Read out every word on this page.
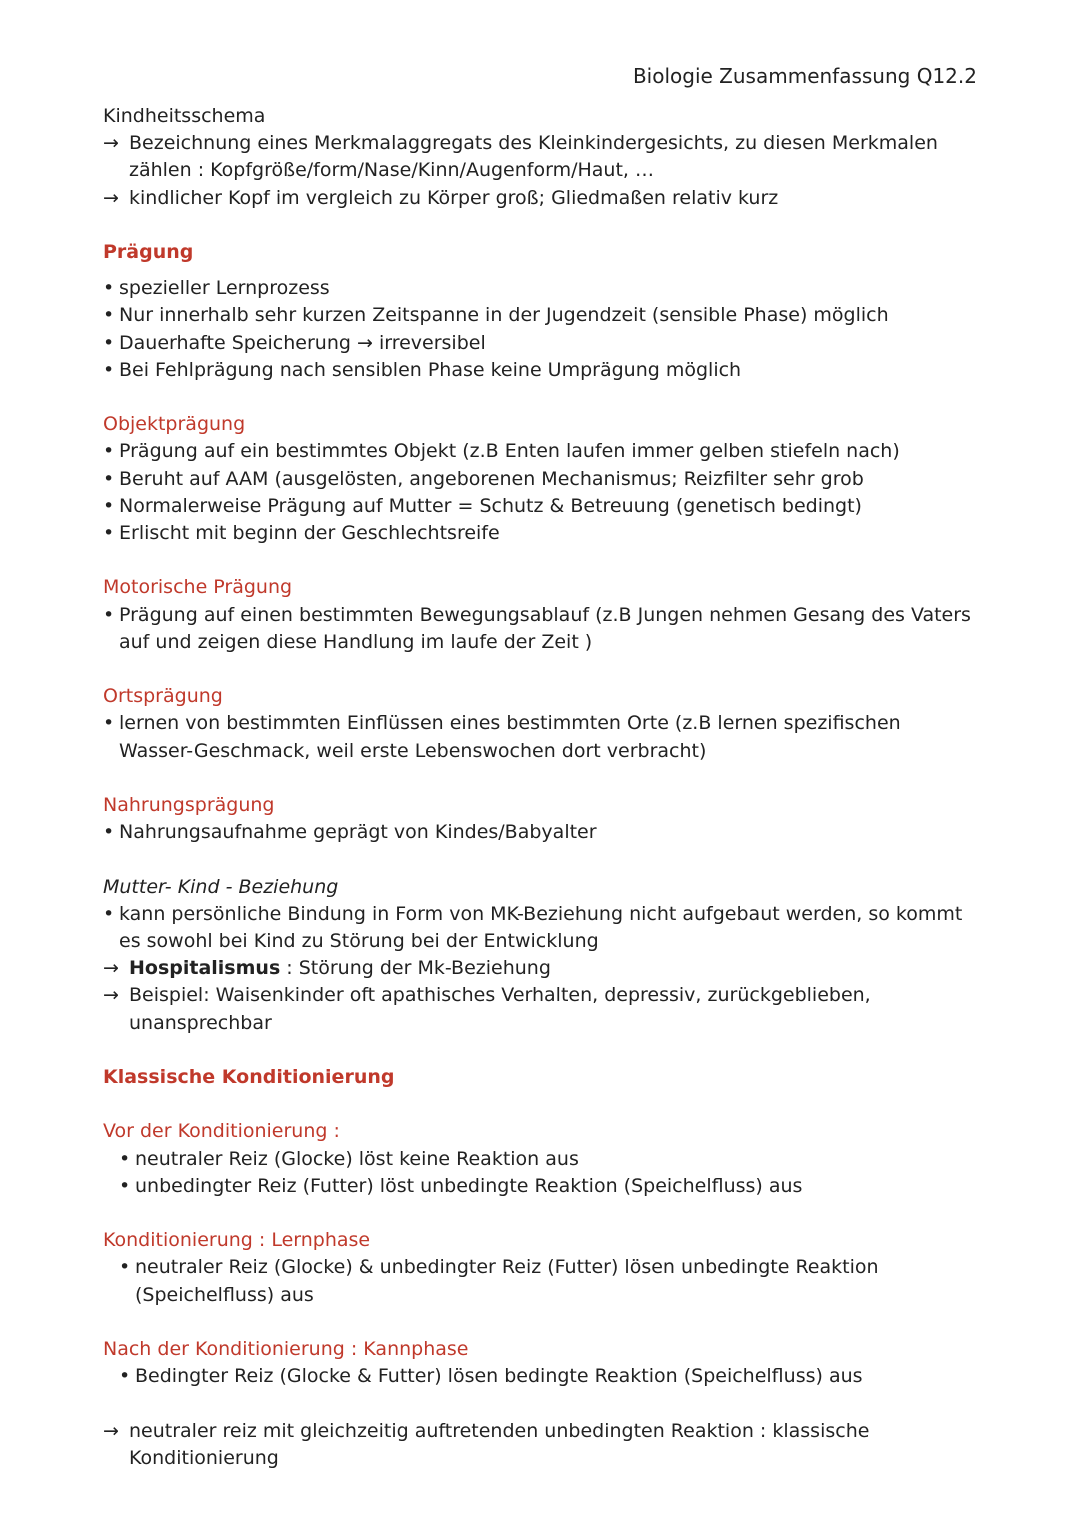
Biologie Zusammenfassung Q12.2
Kindheitsschema
→ Bezeichnung eines Merkmalaggregats des Kleinkindergesichts, zu diesen Merkmalen zählen : Kopfgröße/form/Nase/Kinn/Augenform/Haut, …
→ kindlicher Kopf im vergleich zu Körper groß; Gliedmaßen relativ kurz
Prägung
• spezieller Lernprozess
• Nur innerhalb sehr kurzen Zeitspanne in der Jugendzeit (sensible Phase) möglich
• Dauerhafte Speicherung → irreversibel
• Bei Fehlprägung nach sensiblen Phase keine Umprägung möglich
Objektprägung
• Prägung auf ein bestimmtes Objekt (z.B Enten laufen immer gelben stiefeln nach)
• Beruht auf AAM (ausgelösten, angeborenen Mechanismus; Reizfilter sehr grob
• Normalerweise Prägung auf Mutter = Schutz & Betreuung (genetisch bedingt)
• Erlischt mit beginn der Geschlechtsreife
Motorische Prägung
• Prägung auf einen bestimmten Bewegungsablauf (z.B Jungen nehmen Gesang des Vaters auf und zeigen diese Handlung im laufe der Zeit )
Ortsprägung
• lernen von bestimmten Einflüssen eines bestimmten Orte (z.B lernen spezifischen Wasser-Geschmack, weil erste Lebenswochen dort verbracht)
Nahrungsprägung
• Nahrungsaufnahme geprägt von Kindes/Babyalter
Mutter- Kind - Beziehung
• kann persönliche Bindung in Form von MK-Beziehung nicht aufgebaut werden, so kommt es sowohl bei Kind zu Störung bei der Entwicklung
→ Hospitalismus : Störung der Mk-Beziehung
→ Beispiel: Waisenkinder oft apathisches Verhalten, depressiv, zurückgeblieben, unansprechbar
Klassische Konditionierung
Vor der Konditionierung :
• neutraler Reiz (Glocke) löst keine Reaktion aus
• unbedingter Reiz (Futter) löst unbedingte Reaktion (Speichelfluss) aus
Konditionierung : Lernphase
• neutraler Reiz (Glocke) & unbedingter Reiz (Futter) lösen unbedingte Reaktion (Speichelfluss) aus
Nach der Konditionierung : Kannphase
• Bedingter Reiz (Glocke & Futter) lösen bedingte Reaktion (Speichelfluss) aus
→ neutraler reiz mit gleichzeitig auftretenden unbedingten Reaktion : klassische Konditionierung
